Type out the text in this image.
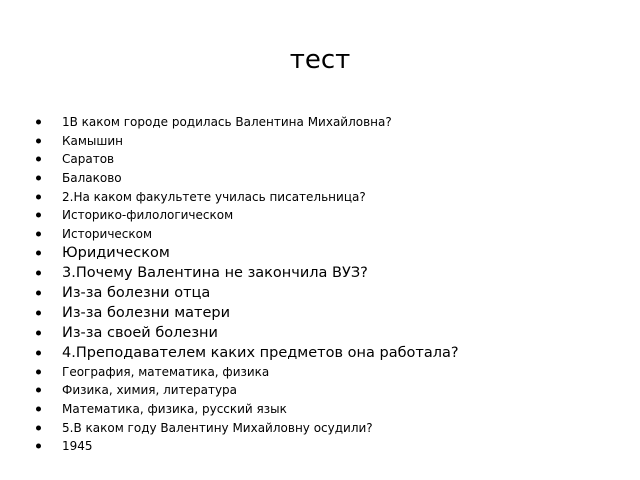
тест
1В каком городе родилась Валентина Михайловна?
Камышин
Саратов
Балаково
2.На каком факультете училась писательница?
Историко-филологическом
Историческом
Юридическом
3.Почему Валентина не закончила ВУЗ?
Из-за болезни отца
Из-за болезни матери
Из-за своей болезни
4.Преподавателем каких предметов она работала?
География, математика, физика
Физика, химия, литература
Математика, физика, русский язык
5.В каком году Валентину Михайловну осудили?
1945
